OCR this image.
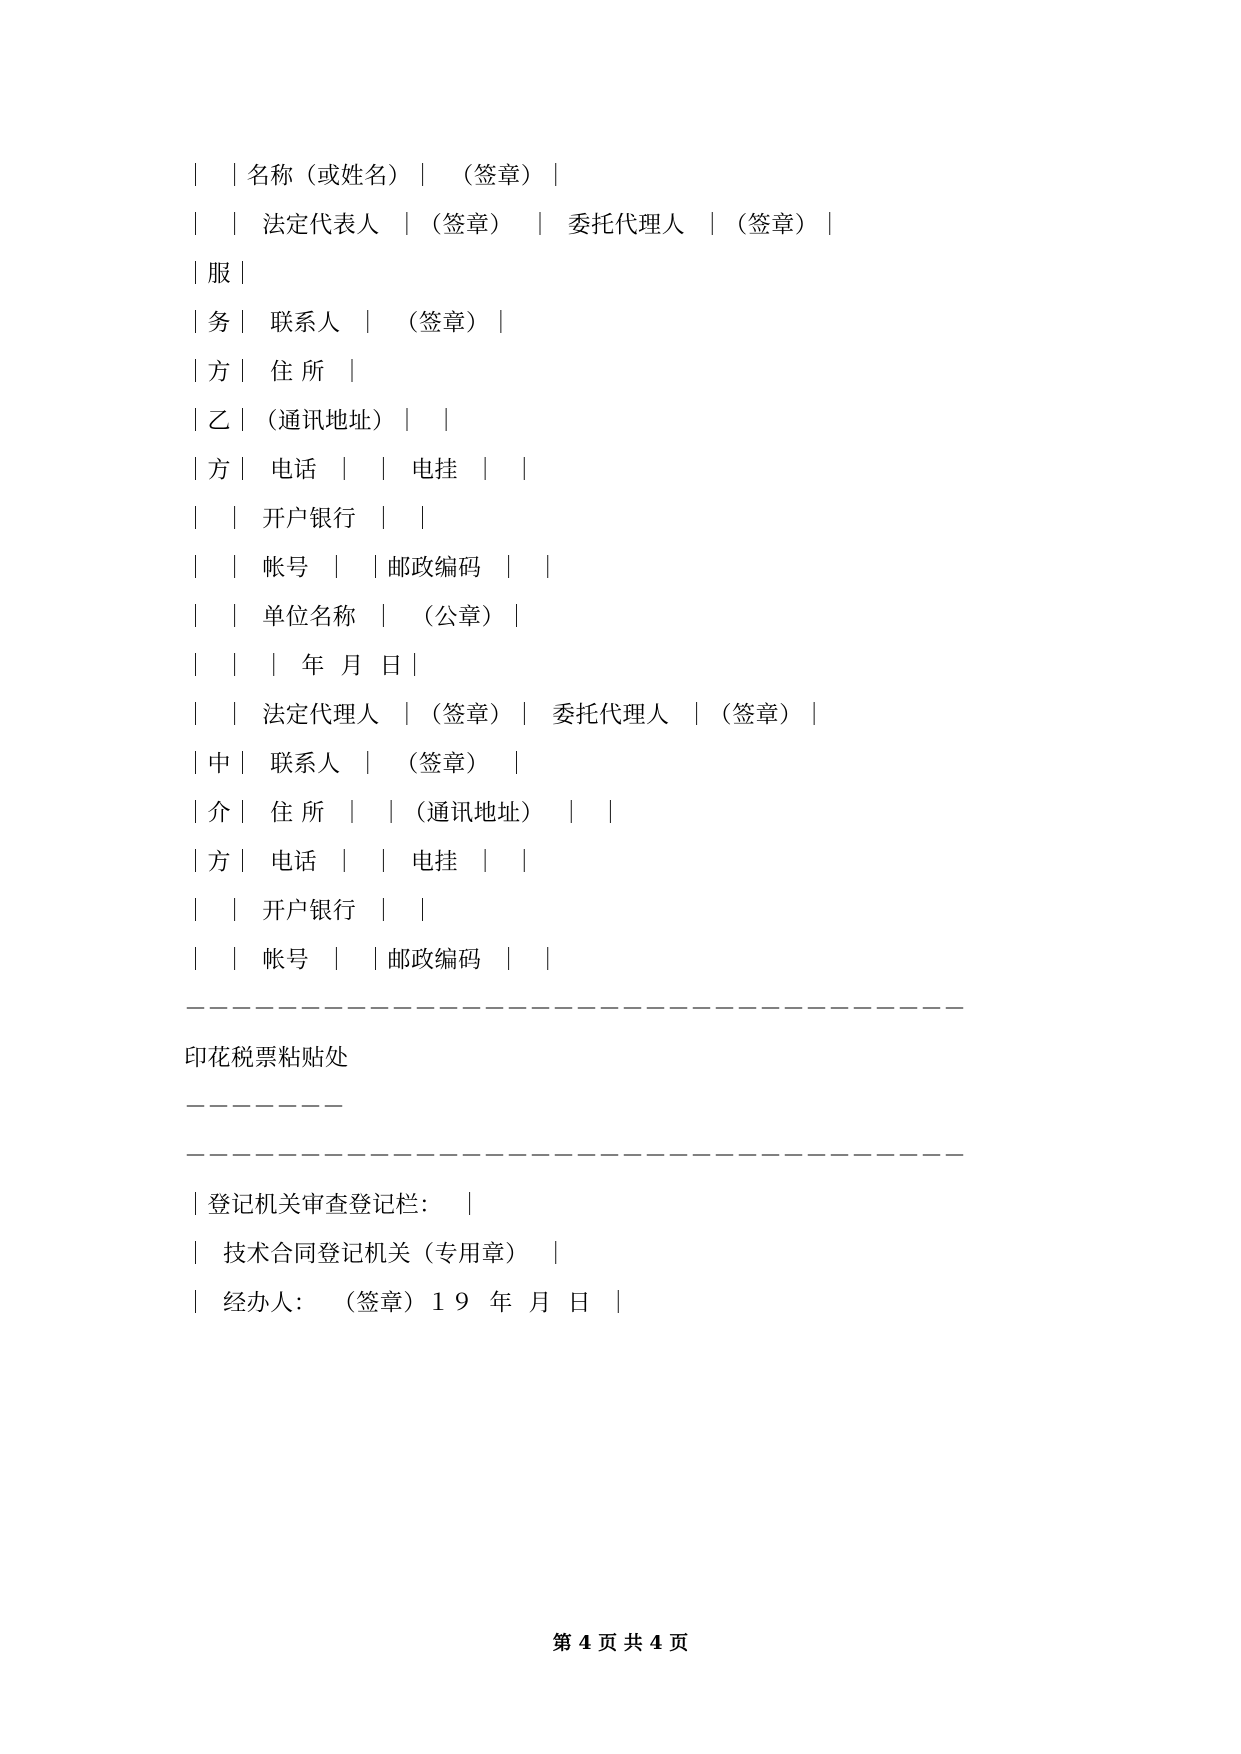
｜  ｜名称（或姓名）｜  （签章）｜
｜  ｜  法定代表人  ｜（签章）  ｜  委托代理人  ｜（签章）｜
｜服｜
｜务｜  联系人  ｜  （签章）｜
｜方｜  住 所  ｜
｜乙｜（通讯地址）｜  ｜
｜方｜  电话  ｜  ｜  电挂  ｜  ｜
｜  ｜  开户银行  ｜  ｜
｜  ｜  帐号  ｜  ｜邮政编码  ｜  ｜
｜  ｜  单位名称  ｜  （公章）｜
｜  ｜  ｜  年  月  日｜
｜  ｜  法定代理人  ｜（签章）｜  委托代理人  ｜（签章）｜
｜中｜  联系人  ｜  （签章）  ｜
｜介｜  住 所  ｜  ｜（通讯地址）  ｜  ｜
｜方｜  电话  ｜  ｜  电挂  ｜  ｜
｜  ｜  开户银行  ｜  ｜
｜  ｜  帐号  ｜  ｜邮政编码  ｜  ｜
－－－－－－－－－－－－－－－－－－－－－－－－－－－－－－－－－－
印花税票粘贴处
－－－－－－－
－－－－－－－－－－－－－－－－－－－－－－－－－－－－－－－－－－
｜登记机关审查登记栏：  ｜
｜  技术合同登记机关（专用章）  ｜
｜  经办人：  （签章）１９  年  月  日  ｜
第 4 页 共 4 页
